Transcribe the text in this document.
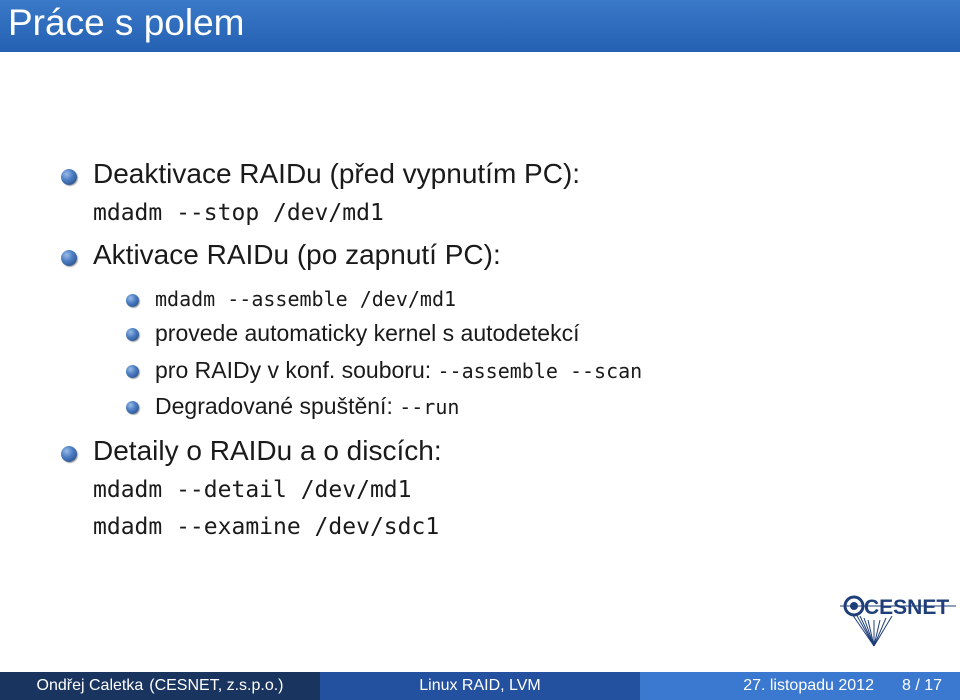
Práce s polem
Deaktivace RAIDu (před vypnutím PC):
mdadm --stop /dev/md1
Aktivace RAIDu (po zapnutí PC):
mdadm --assemble /dev/md1
provede automaticky kernel s autodetekcí
pro RAIDy v konf. souboru: --assemble --scan
Degradované spuštění: --run
Detaily o RAIDu a o discích:
mdadm --detail /dev/md1
mdadm --examine /dev/sdc1
CESNET
Ondřej Caletka (CESNET, z.s.p.o.)	Linux RAID, LVM	27. listopadu 2012 8 / 17
